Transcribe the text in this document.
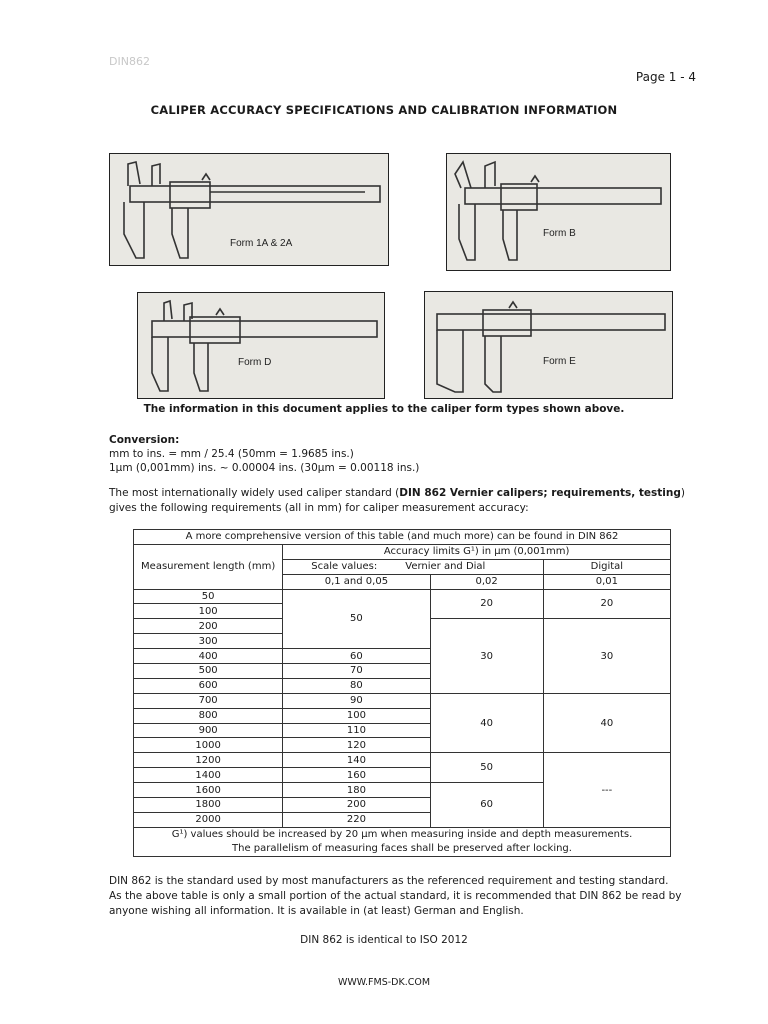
DIN862
Page 1 - 4
CALIPER ACCURACY SPECIFICATIONS AND CALIBRATION INFORMATION
Form 1A & 2A
Form B
Form D	Form E
The information in this document applies to the caliper form types shown above.
Conversion:
mm to ins. = mm / 25.4 (50mm = 1.9685 ins.)
1µm (0,001mm) ins. ~ 0.00004 ins. (30µm = 0.00118 ins.)
The most internationally widely used caliper standard (DIN 862 Vernier calipers; requirements, testing)
gives the following requirements (all in mm) for caliper measurement accuracy:
A more comprehensive version of this table (and much more) can be found in DIN 862			
Measurement length (mm)	Accuracy limits G¹) in µm (0,001mm)		
	Scale values: Vernier and Dial		Digital
	0,1 and 0,05	0,02	0,01
50	50	20	20
100			
200		30	30
300			
400	60		
500	70		
600	80		
700	90	40	40
800	100		
900	110		
1000	120		
1200	140	50	---
1400	160		
1600	180	60	
1800	200		
2000	220		
G¹) values should be increased by 20 µm when measuring inside and depth measurements.			
The parallelism of measuring faces shall be preserved after locking.			
DIN 862 is the standard used by most manufacturers as the referenced requirement and testing standard.
As the above table is only a small portion of the actual standard, it is recommended that DIN 862 be read by
anyone wishing all information. It is available in (at least) German and English.
DIN 862 is identical to ISO 2012
WWW.FMS-DK.COM
